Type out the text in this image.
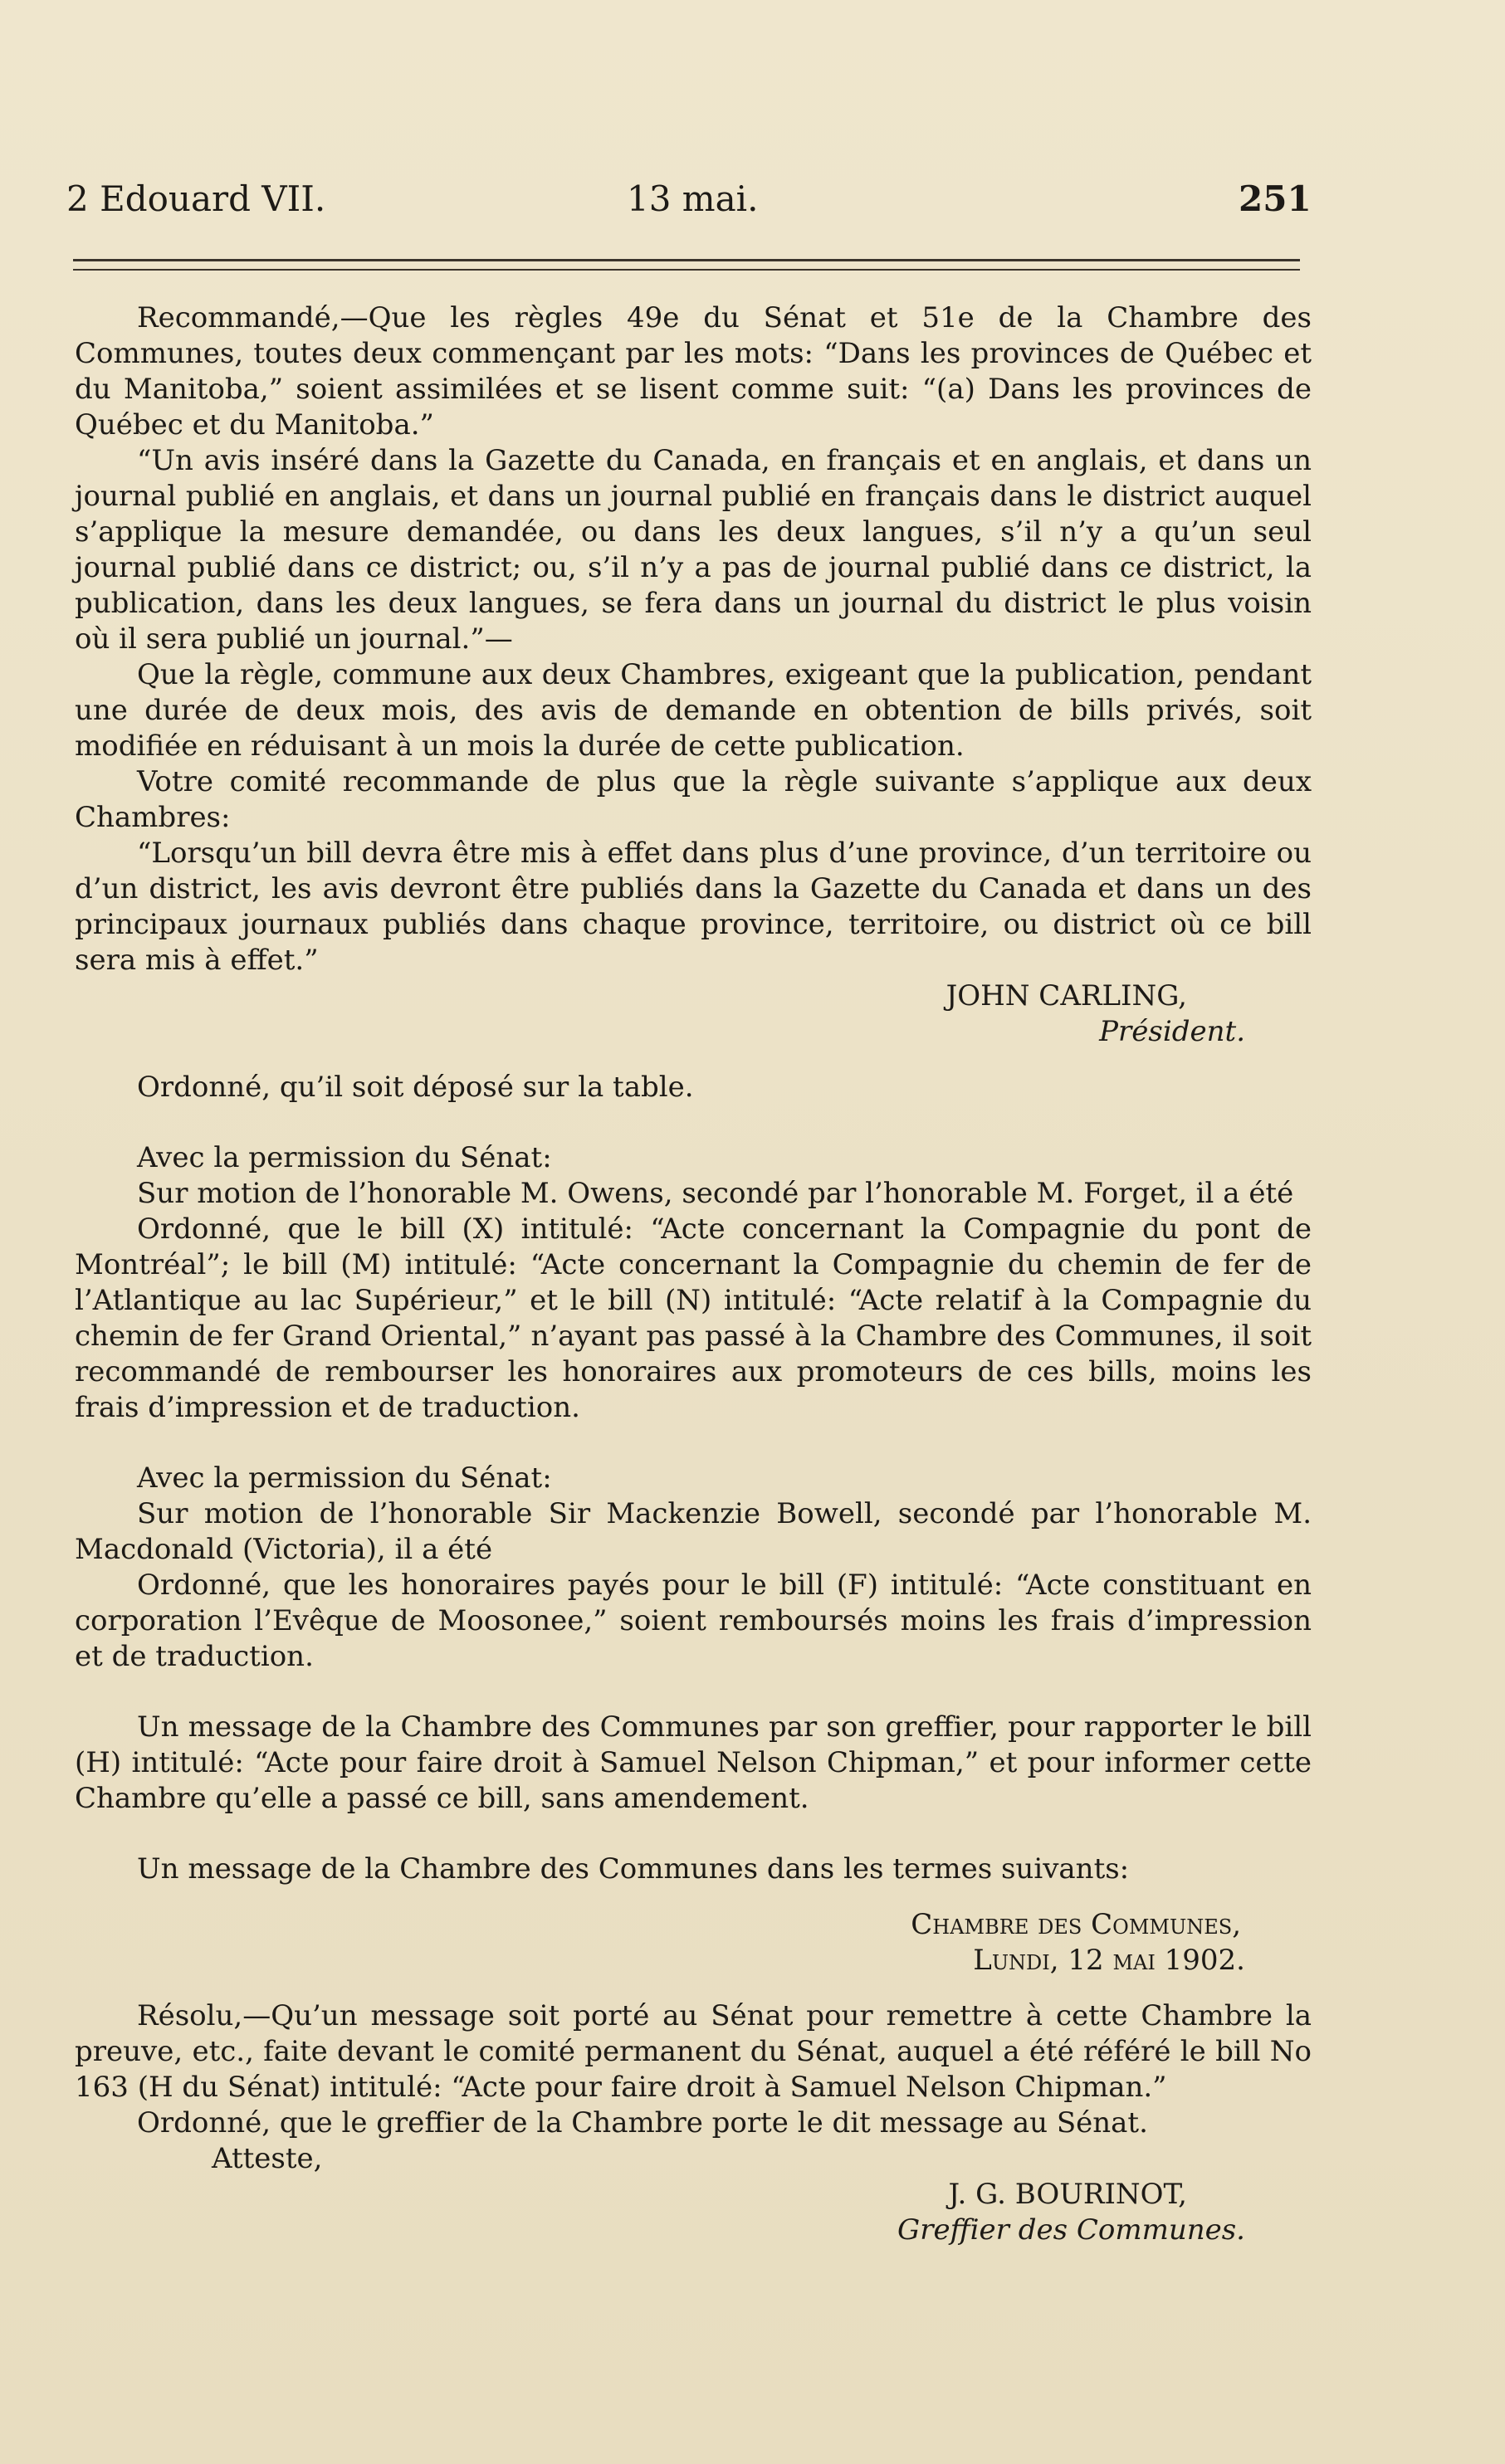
2 Edouard VII.	13 mai.	251

Recommandé,—Que les règles 49e du Sénat et 51e de la Chambre des Communes, toutes deux commençant par les mots: “Dans les provinces de Québec et du Manitoba,” soient assimilées et se lisent comme suit: “(a) Dans les provinces de Québec et du Manitoba.”

“Un avis inséré dans la Gazette du Canada, en français et en anglais, et dans un journal publié en anglais, et dans un journal publié en français dans le district auquel s’applique la mesure demandée, ou dans les deux langues, s’il n’y a qu’un seul journal publié dans ce district; ou, s’il n’y a pas de journal publié dans ce district, la publication, dans les deux langues, se fera dans un journal du district le plus voisin où il sera publié un journal.”—

Que la règle, commune aux deux Chambres, exigeant que la publication, pendant une durée de deux mois, des avis de demande en obtention de bills privés, soit modifiée en réduisant à un mois la durée de cette publication.

Votre comité recommande de plus que la règle suivante s’applique aux deux Chambres:

“Lorsqu’un bill devra être mis à effet dans plus d’une province, d’un territoire ou d’un district, les avis devront être publiés dans la Gazette du Canada et dans un des principaux journaux publiés dans chaque province, territoire, ou district où ce bill sera mis à effet.”

JOHN CARLING,

Président.

Ordonné, qu’il soit déposé sur la table.

Avec la permission du Sénat:

Sur motion de l’honorable M. Owens, secondé par l’honorable M. Forget, il a été

Ordonné, que le bill (X) intitulé: “Acte concernant la Compagnie du pont de Montréal”; le bill (M) intitulé: “Acte concernant la Compagnie du chemin de fer de l’Atlantique au lac Supérieur,” et le bill (N) intitulé: “Acte relatif à la Compagnie du chemin de fer Grand Oriental,” n’ayant pas passé à la Chambre des Communes, il soit recommandé de rembourser les honoraires aux promoteurs de ces bills, moins les frais d’impression et de traduction.

Avec la permission du Sénat:

Sur motion de l’honorable Sir Mackenzie Bowell, secondé par l’honorable M. Macdonald (Victoria), il a été

Ordonné, que les honoraires payés pour le bill (F) intitulé: “Acte constituant en corporation l’Evêque de Moosonee,” soient remboursés moins les frais d’impression et de traduction.

Un message de la Chambre des Communes par son greffier, pour rapporter le bill (H) intitulé: “Acte pour faire droit à Samuel Nelson Chipman,” et pour informer cette Chambre qu’elle a passé ce bill, sans amendement.

Un message de la Chambre des Communes dans les termes suivants:

Chambre des Communes,

Lundi, 12 mai 1902.

Résolu,—Qu’un message soit porté au Sénat pour remettre à cette Chambre la preuve, etc., faite devant le comité permanent du Sénat, auquel a été référé le bill No 163 (H du Sénat) intitulé: “Acte pour faire droit à Samuel Nelson Chipman.”

Ordonné, que le greffier de la Chambre porte le dit message au Sénat.

Atteste,

J. G. BOURINOT,

Greffier des Communes.
